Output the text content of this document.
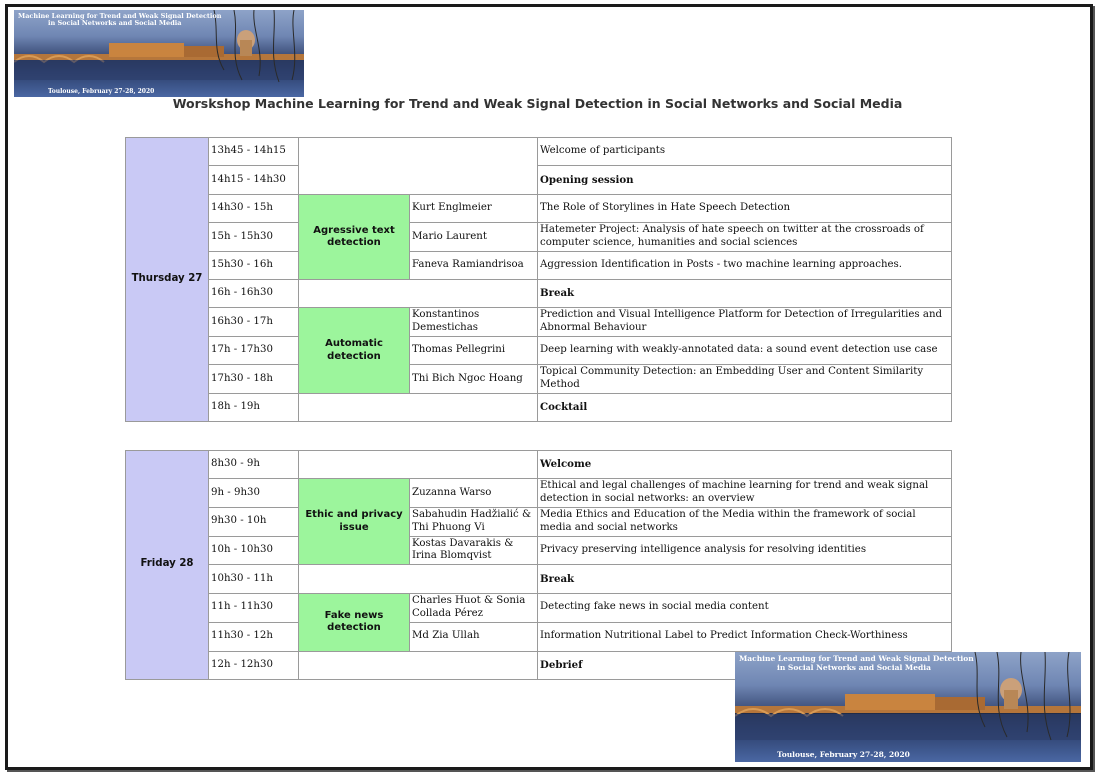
Machine Learning for Trend and Weak Signal Detection
in Social Networks and Social Media
Toulouse, February 27-28, 2020
Worskshop Machine Learning for Trend and Weak Signal Detection in Social Networks and Social Media
Thursday 27	13h45 - 14h15			Welcome of participants
	14h15 - 14h30			Opening session
	14h30 - 15h	Agressive text detection	Kurt Englmeier	The Role of Storylines in Hate Speech Detection
	15h - 15h30		Mario Laurent	Hatemeter Project: Analysis of hate speech on twitter at the crossroads of computer science, humanities and social sciences
	15h30 - 16h		Faneva Ramiandrisoa	Aggression Identification in Posts - two machine learning approaches.
	16h - 16h30			Break
	16h30 - 17h	Automatic detection	Konstantinos Demestichas	Prediction and Visual Intelligence Platform for Detection of Irregularities and Abnormal Behaviour
	17h - 17h30		Thomas Pellegrini	Deep learning with weakly-annotated data: a sound event detection use case
	17h30 - 18h		Thi Bich Ngoc Hoang	Topical Community Detection: an Embedding User and Content Similarity Method
	18h - 19h			Cocktail
Friday 28	8h30 - 9h			Welcome
	9h - 9h30	Ethic and privacy issue	Zuzanna Warso	Ethical and legal challenges of machine learning for trend and weak signal detection in social networks: an overview
	9h30 - 10h		Sabahudin Hadžialić & Thi Phuong Vi	Media Ethics and Education of the Media within the framework of social media and social networks
	10h - 10h30		Kostas Davarakis & Irina Blomqvist	Privacy preserving intelligence analysis for resolving identities
	10h30 - 11h			Break
	11h - 11h30	Fake news detection	Charles Huot & Sonia Collada Pérez	Detecting fake news in social media content
	11h30 - 12h		Md Zia Ullah	Information Nutritional Label to Predict Information Check-Worthiness
	12h - 12h30			Debrief
Machine Learning for Trend and Weak Signal Detection
in Social Networks and Social Media
Toulouse, February 27-28, 2020
